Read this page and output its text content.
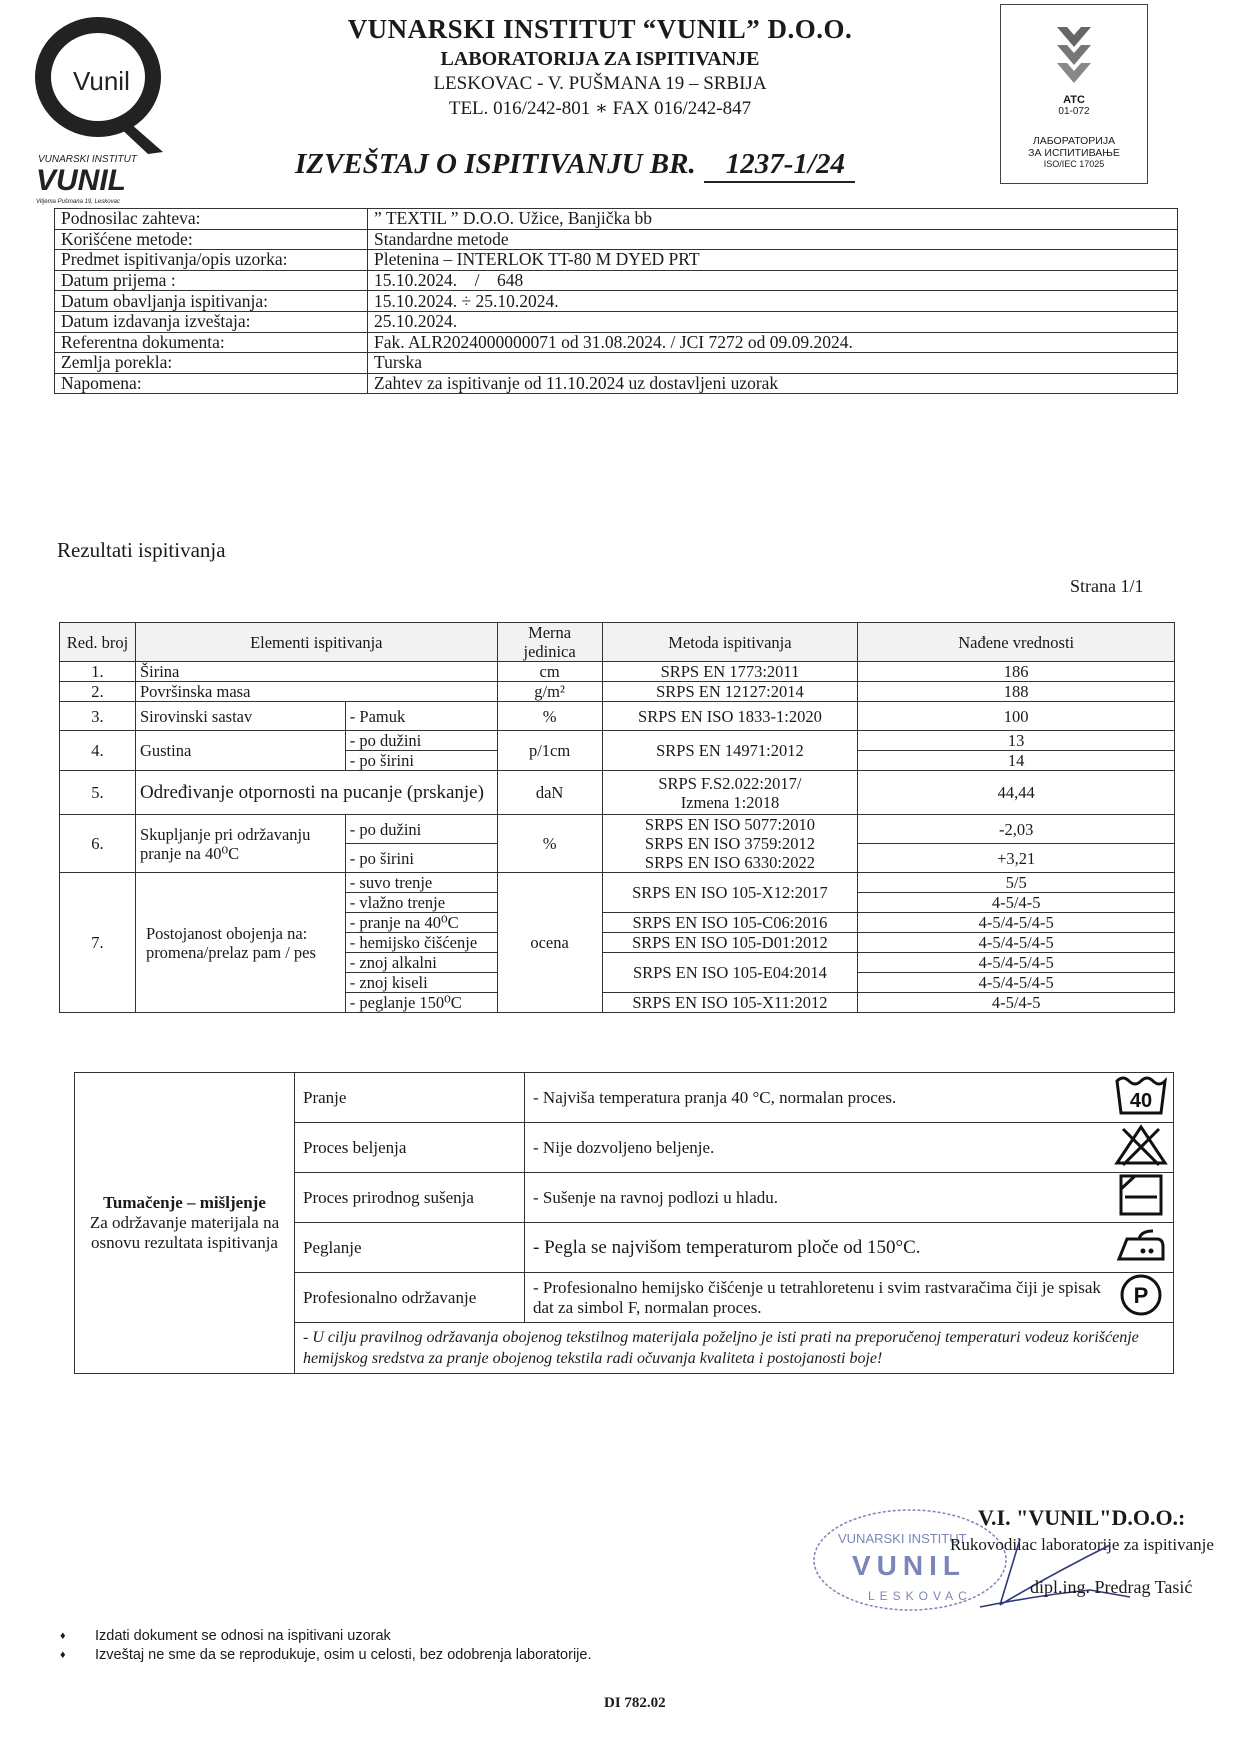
Vunil
VUNARSKI INSTITUT
VUNIL
Vitjema Pušmana 19, Leskovac
VUNARSKI INSTITUT “VUNIL” D.O.O.
LABORATORIJA ZA ISPITIVANJE
LESKOVAC - V. PUŠMANA 19 – SRBIJA
TEL. 016/242-801 ∗ FAX 016/242-847
IZVEŠTAJ O ISPITIVANJU BR. 1237-1/24
ATC
01-072
ЛАБОРАТОРИЈА
ЗА ИСПИТИВАЊЕ
ISO/IEC 17025
Podnosilac zahteva:	” TEXTIL ” D.O.O. Užice, Banjička bb
Korišćene metode:	Standardne metode
Predmet ispitivanja/opis uzorka:	Pletenina – INTERLOK TT-80 M DYED PRT
Datum prijema :	15.10.2024.    /    648
Datum obavljanja ispitivanja:	15.10.2024. ÷ 25.10.2024.
Datum izdavanja izveštaja:	25.10.2024.
Referentna dokumenta:	Fak. ALR2024000000071 od 31.08.2024. / JCI 7272 od 09.09.2024.
Zemlja porekla:	Turska
Napomena:	Zahtev za ispitivanje od 11.10.2024 uz dostavljeni uzorak
Rezultati ispitivanja
Strana 1/1
Red. broj	Elementi ispitivanja		Merna jedinica	Metoda ispitivanja	Nađene vrednosti
1.	Širina		cm	SRPS EN 1773:2011	186
2.	Površinska masa		g/m²	SRPS EN 12127:2014	188
3.	Sirovinski sastav	- Pamuk	%	SRPS EN ISO 1833-1:2020	100
4.	Gustina	- po dužini	p/1cm	SRPS EN 14971:2012	13
		- po širini			14
5.	Određivanje otpornosti na pucanje (prskanje)		daN	SRPS F.S2.022:2017/
Izmena 1:2018	44,44
6.	Skupljanje pri održavanju pranje na 40⁰C	- po dužini	%	SRPS EN ISO 5077:2010
SRPS EN ISO 3759:2012
SRPS EN ISO 6330:2022	-2,03
		- po širini			+3,21
7.	Postojanost obojenja na: promena/prelaz pam / pes	- suvo trenje	ocena	SRPS EN ISO 105-X12:2017	5/5
		- vlažno trenje			4-5/4-5
		- pranje na 40⁰C		SRPS EN ISO 105-C06:2016	4-5/4-5/4-5
		- hemijsko čišćenje		SRPS EN ISO 105-D01:2012	4-5/4-5/4-5
		- znoj alkalni		SRPS EN ISO 105-E04:2014	4-5/4-5/4-5
		- znoj kiseli			4-5/4-5/4-5
		- peglanje 150⁰C		SRPS EN ISO 105-X11:2012	4-5/4-5
Tumačenje – mišljenje
Za održavanje materijala na osnovu rezultata ispitivanja	Pranje	- Najviša temperatura pranja 40 °C, normalan proces.	40

	Proces beljenja	- Nije dozvoljeno beljenje.	
	Proces prirodnog sušenja	- Sušenje na ravnoj podlozi u hladu.	
	Peglanje	- Pegla se najvišom temperaturom ploče od 150°C.	
	Profesionalno održavanje	- Profesionalno hemijsko čišćenje u tetrahloretenu i svim rastvaračima čiji je spisak dat za simbol F, normalan proces.	P

	- U cilju pravilnog održavanja obojenog tekstilnog materijala poželjno je isti prati na preporučenoj temperaturi vodeuz korišćenje hemijskog sredstva za pranje obojenog tekstila radi očuvanja kvaliteta i postojanosti boje!		
VUNARSKI INSTITUT
VUNIL
LESKOVAC
V.I. "VUNIL"D.O.O.:
Rukovodilac laboratorije za ispitivanje
dipl.ing. Predrag Tasić
♦ Izdati dokument se odnosi na ispitivani uzorak
♦ Izveštaj ne sme da se reprodukuje, osim u celosti, bez odobrenja laboratorije.
DI 782.02
